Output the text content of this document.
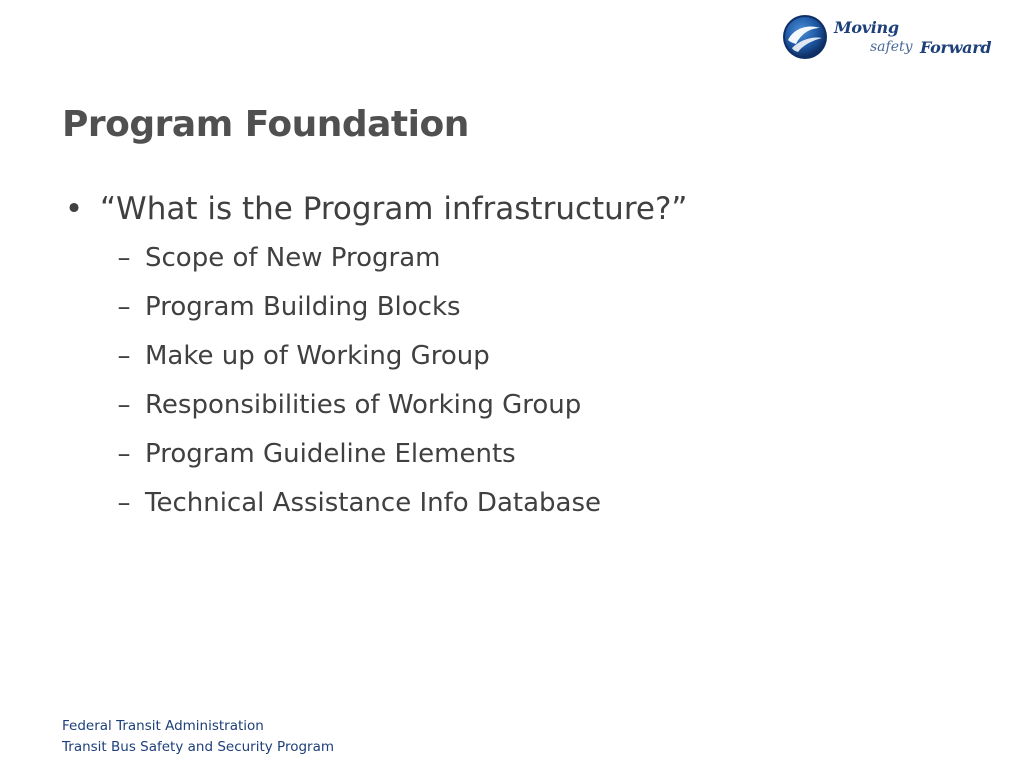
Moving
safety Forward
Program Foundation
• “What is the Program infrastructure?”
– Scope of New Program
– Program Building Blocks
– Make up of Working Group
– Responsibilities of Working Group
– Program Guideline Elements
– Technical Assistance Info Database
Federal Transit Administration
Transit Bus Safety and Security Program
